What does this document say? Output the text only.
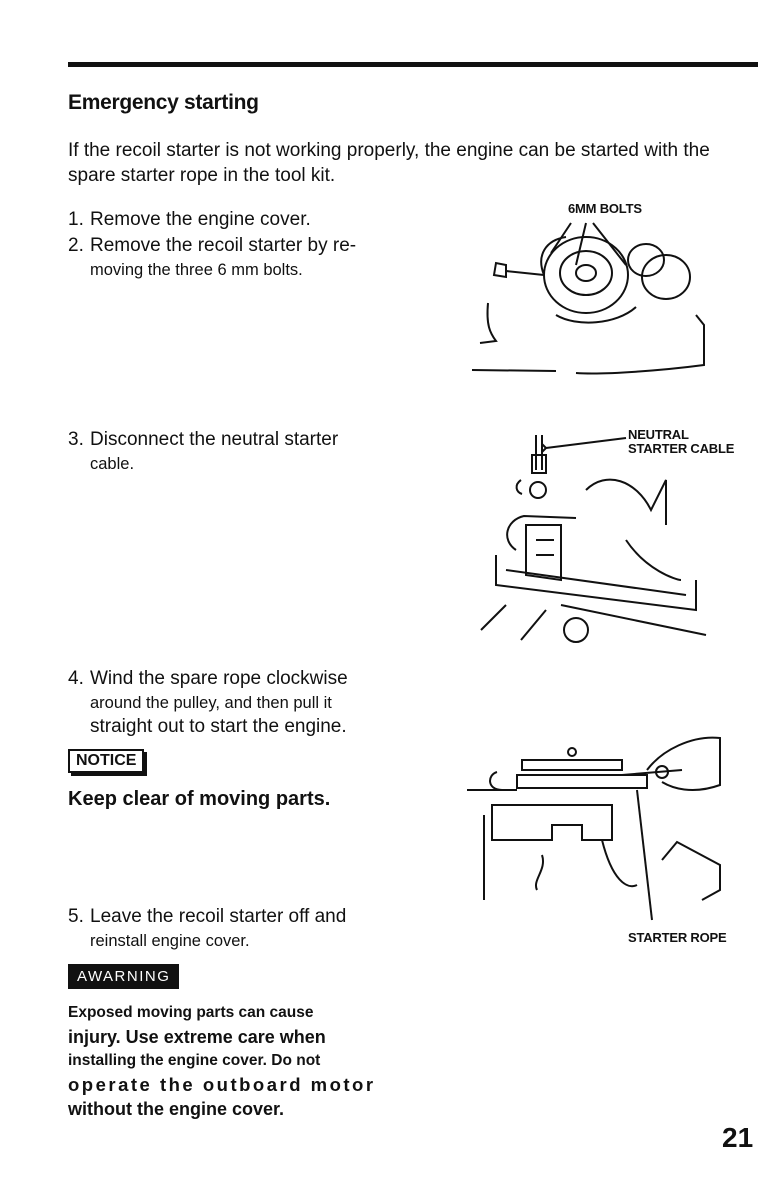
Emergency starting
If the recoil starter is not working properly, the engine can be started with the spare starter rope in the tool kit.
1. Remove the engine cover.
2. Remove the recoil starter by re-
moving the three 6 mm bolts.
3. Disconnect the neutral starter
cable.
4. Wind the spare rope clockwise
around the pulley, and then pull it
straight out to start the engine.
NOTICE
Keep clear of moving parts.
5. Leave the recoil starter off and
reinstall engine cover.
AWARNING
Exposed moving parts can cause
injury. Use extreme care when
installing the engine cover. Do not
operate the outboard motor
without the engine cover.
6MM BOLTS
NEUTRAL
STARTER CABLE
STARTER ROPE
21
